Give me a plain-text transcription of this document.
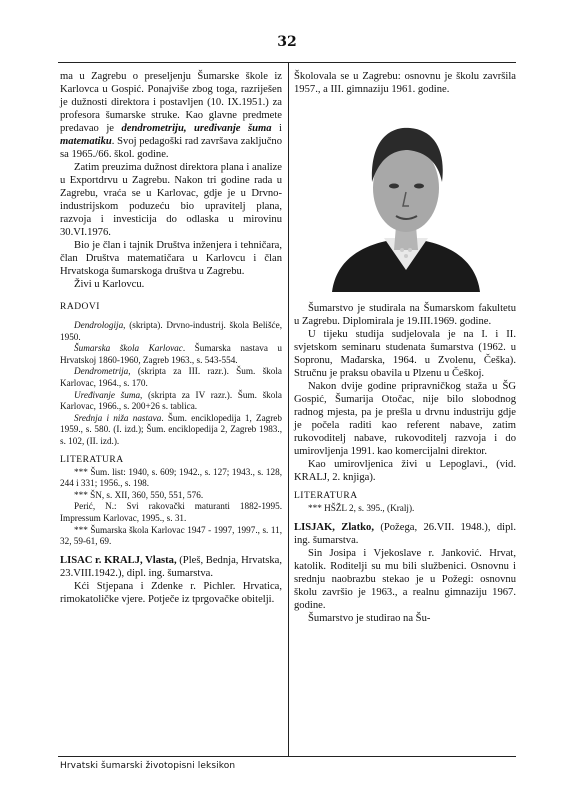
32

ma u Zagrebu o preseljenju Šumarske škole iz Karlovca u Gospić. Ponajviše zbog toga, razriješen je dužnosti direktora i postavljen (10. IX.1951.) za profesora šumarske struke. Kao glavne predmete predavao je dendrometriju, uređivanje šuma i matematiku. Svoj pedagoški rad završava zaključno sa 1965./66. škol. godine.

Zatim preuzima dužnost direktora plana i analize u Exportdrvu u Zagrebu. Nakon tri godine rada u Zagrebu, vraća se u Karlovac, gdje je u Drvno-industrijskom poduzeću bio upravitelj plana, razvoja i investicija do odlaska u mirovinu 30.VI.1976.

Bio je član i tajnik Društva inženjera i tehničara, član Društva matematičara u Karlovcu i član Hrvatskoga šumarskoga društva u Zagrebu.

Živi u Karlovcu.

RADOVI

Dendrologija, (skripta). Drvno-industrij. škola Belišće, 1950.

Šumarska škola Karlovac. Šumarska nastava u Hrvatskoj 1860-1960, Zagreb 1963., s. 543-554.

Dendrometrija, (skripta za III. razr.). Šum. škola Karlovac, 1964., s. 170.

Uređivanje šuma, (skripta za IV razr.). Šum. škola Karlovac, 1966., s. 200+26 s. tablica.

Srednja i niža nastava. Šum. enciklopedija 1, Zagreb 1959., s. 580. (I. izd.); Šum. enciklopedija 2, Zagreb 1983., s. 102, (II. izd.).

LITERATURA

*** Šum. list: 1940, s. 609; 1942., s. 127; 1943., s. 128, 244 i 331; 1956., s. 198.

*** ŠN, s. XII, 360, 550, 551, 576.

Perić, N.: Svi rakovački maturanti 1882-1995. Impressum Karlovac, 1995., s. 31.

*** Šumarska škola Karlovac 1947 - 1997, 1997., s. 11, 32, 59-61, 69.

LISAC r. KRALJ, Vlasta, (Pleš, Bednja, Hrvatska, 23.VIII.1942.), dipl. ing. šumarstva.

Kći Stjepana i Zdenke r. Pichler. Hrvatica, rimokatoličke vjere. Potječe iz tprgovačke obitelji.

Školovala se u Zagrebu: osnovnu je školu završila 1957., a III. gimnaziju 1961. godine.

Šumarstvo je studirala na Šumarskom fakultetu u Zagrebu. Diplomirala je 19.III.1969. godine.

U tijeku studija sudjelovala je na I. i II. svjetskom seminaru studenata šumarstva (1962. u Sopronu, Mađarska, 1964. u Zvolenu, Češka). Stručnu je praksu obavila u Plzenu u Češkoj.

Nakon dvije godine pripravničkog staža u ŠG Gospić, Šumarija Otočac, nije bilo slobodnog radnog mjesta, pa je prešla u drvnu industriju gdje je počela raditi kao referent nabave, zatim rukovoditelj nabave, rukovoditelj razvoja i do umirovljenja 1991. kao komercijalni direktor.

Kao umirovljenica živi u Lepoglavi., (vid. KRALJ, 2. knjiga).

LITERATURA

*** HŠŽL 2, s. 395., (Kralj).

LISJAK, Zlatko, (Požega, 26.VII. 1948.), dipl. ing. šumarstva.

Sin Josipa i Vjekoslave r. Janković. Hrvat, katolik. Roditelji su mu bili službenici. Osnovnu i srednju naobrazbu stekao je u Požegi: osnovnu školu završio je 1963., a realnu gimnaziju 1967. godine.

Šumarstvo je studirao na Šu-

Hrvatski šumarski životopisni leksikon
